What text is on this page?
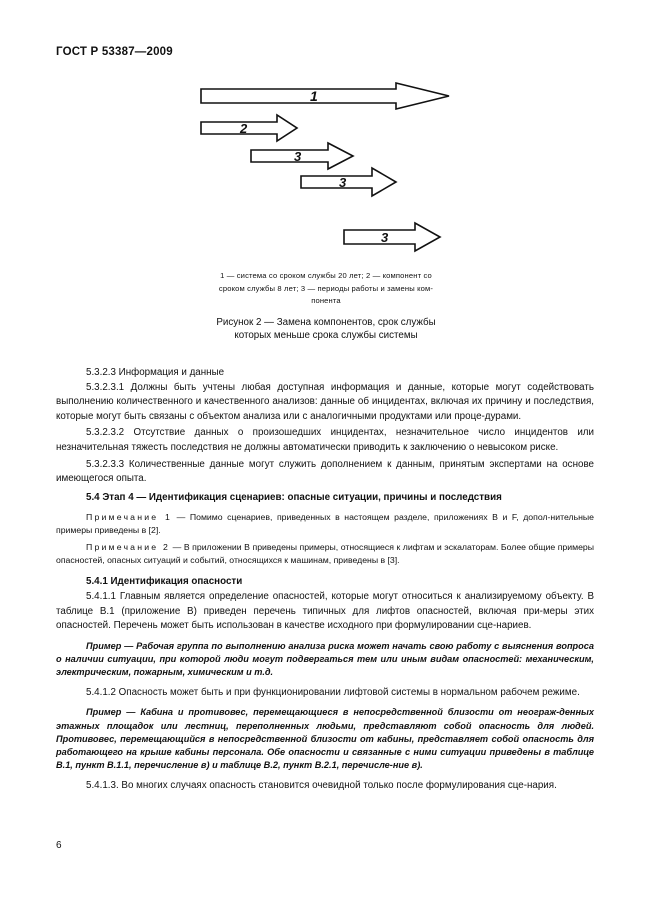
ГОСТ Р 53387—2009
1
2
3
3
3
1 — система со сроком службы 20 лет; 2 — компонент со
сроком службы 8 лет; 3 — периоды работы и замены ком-
понента
Рисунок 2 — Замена компонентов, срок службы
которых меньше срока службы системы

5.3.2.3 Информация и данные

5.3.2.3.1 Должны быть учтены любая доступная информация и данные, которые могут содействовать выполнению количественного и качественного анализов: данные об инцидентах, включая их причину и последствия, которые могут быть связаны с объектом анализа или с аналогичными продуктами или проце-дурами.

5.3.2.3.2 Отсутствие данных о произошедших инцидентах, незначительное число инцидентов или незначительная тяжесть последствия не должны автоматически приводить к заключению о невысоком риске.

5.3.2.3.3 Количественные данные могут служить дополнением к данным, принятым экспертами на основе имеющегося опыта.

5.4 Этап 4 — Идентификация сценариев: опасные ситуации, причины и последствия

Примечание 1 — Помимо сценариев, приведенных в настоящем разделе, приложениях В и F, допол-нительные примеры приведены в [2].

Примечание 2 — В приложении В приведены примеры, относящиеся к лифтам и эскалаторам. Более общие примеры опасностей, опасных ситуаций и событий, относящихся к машинам, приведены в [3].

5.4.1 Идентификация опасности

5.4.1.1 Главным является определение опасностей, которые могут относиться к анализируемому объекту. В таблице В.1 (приложение В) приведен перечень типичных для лифтов опасностей, включая при-меры этих опасностей. Перечень может быть использован в качестве исходного при формулировании сце-нариев.

Пример — Рабочая группа по выполнению анализа риска может начать свою работу с выяснения вопроса о наличии ситуации, при которой люди могут подвергаться тем или иным видам опасностей: механическим, электрическим, пожарным, химическим и т.д.

5.4.1.2 Опасность может быть и при функционировании лифтовой системы в нормальном рабочем режиме.

Пример — Кабина и противовес, перемещающиеся в непосредственной близости от неограж-денных этажных площадок или лестниц, переполненных людьми, представляют собой опасность для людей. Противовес, перемещающийся в непосредственной близости от кабины, представляет собой опасность для работающего на крыше кабины персонала. Обе опасности и связанные с ними ситуации приведены в таблице В.1, пункт В.1.1, перечисление в) и таблице В.2, пункт В.2.1, перечисле-ние в).

5.4.1.3. Во многих случаях опасность становится очевидной только после формулирования сце-нария.

6
